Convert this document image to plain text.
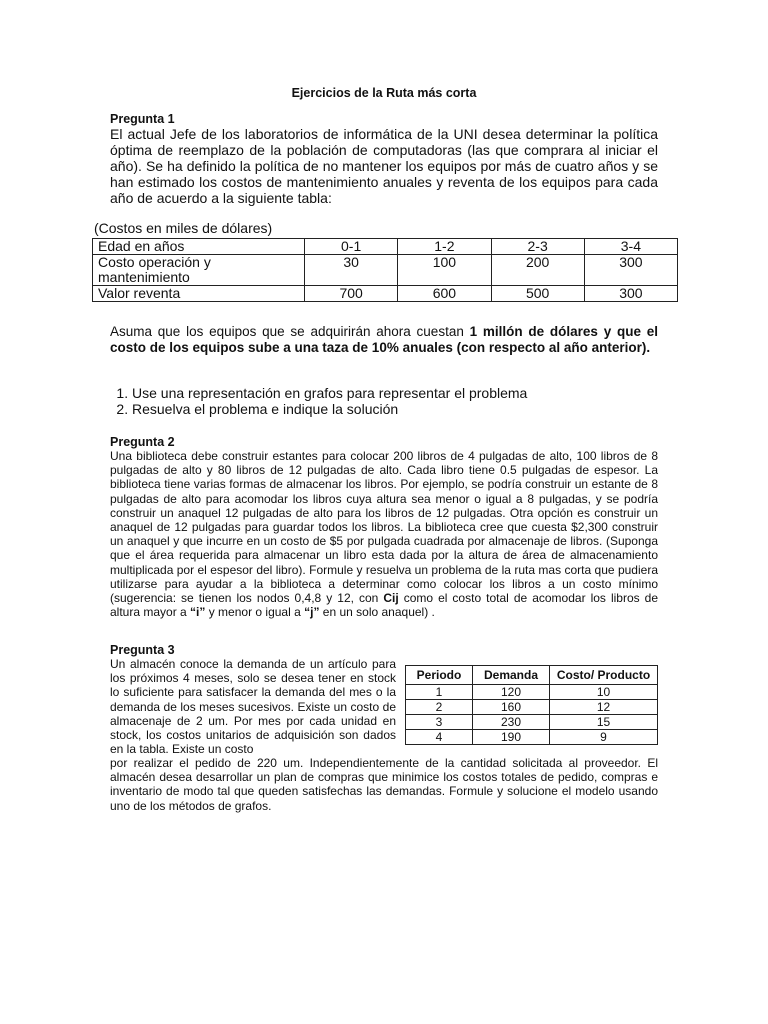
Ejercicios de la Ruta más corta
Pregunta 1

El actual Jefe de los laboratorios de informática de la UNI desea determinar la política óptima de reemplazo de la población de computadoras (las que comprara al iniciar el año). Se ha definido la política de no mantener los equipos por más de cuatro años y se han estimado los costos de mantenimiento anuales y reventa de los equipos para cada año de acuerdo a la siguiente tabla:

(Costos en miles de dólares)
Edad en años	0-1	1-2	2-3	3-4

Costo operación y
mantenimiento	30	100	200	300
Valor reventa	700	600	500	300

Asuma que los equipos que se adquirirán ahora cuestan 1 millón de dólares y que el costo de los equipos sube a una taza de 10% anuales (con respecto al año anterior).

1. Use una representación en grafos para representar el problema
2. Resuelva el problema e indique la solución
Pregunta 2

Una biblioteca debe construir estantes para colocar 200 libros de 4 pulgadas de alto, 100 libros de 8 pulgadas de alto y 80 libros de 12 pulgadas de alto. Cada libro tiene 0.5 pulgadas de espesor. La biblioteca tiene varias formas de almacenar los libros. Por ejemplo, se podría construir un estante de 8 pulgadas de alto para acomodar los libros cuya altura sea menor o igual a 8 pulgadas, y se podría construir un anaquel 12 pulgadas de alto para los libros de 12 pulgadas. Otra opción es construir un anaquel de 12 pulgadas para guardar todos los libros. La biblioteca cree que cuesta $2,300 construir un anaquel y que incurre en un costo de $5 por pulgada cuadrada por almacenaje de libros. (Suponga que el área requerida para almacenar un libro esta dada por la altura de área de almacenamiento multiplicada por el espesor del libro). Formule y resuelva un problema de la ruta mas corta que pudiera utilizarse para ayudar a la biblioteca a determinar como colocar los libros a un costo mínimo (sugerencia: se tienen los nodos 0,4,8 y 12, con Cij como el costo total de acomodar los libros de altura mayor a “i” y menor o igual a “j” en un solo anaquel) .

Pregunta 3

Un almacén conoce la demanda de un artículo para los próximos 4 meses, solo se desea tener en stock lo suficiente para satisfacer la demanda del mes o la demanda de los meses sucesivos. Existe un costo de almacenaje de 2 um. Por mes por cada unidad en stock, los costos unitarios de adquisición son dados en la tabla. Existe un costo

Periodo	Demanda	Costo/ Producto
1	120	10
2	160	12
3	230	15
4	190	9

por realizar el pedido de 220 um. Independientemente de la cantidad solicitada al proveedor. El almacén desea desarrollar un plan de compras que minimice los costos totales de pedido, compras e inventario de modo tal que queden satisfechas las demandas. Formule y solucione el modelo usando uno de los métodos de grafos.
